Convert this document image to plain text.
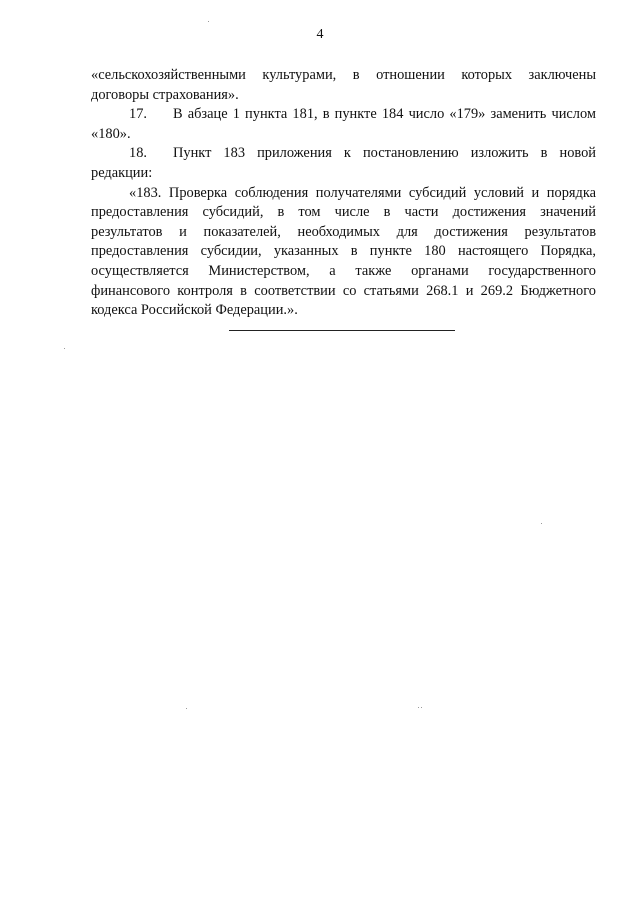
4
«сельскохозяйственными культурами, в отношении которых заключены
договоры страхования».
17. В абзаце 1 пункта 181, в пункте 184 число «179» заменить числом
«180».
18. Пункт 183 приложения к постановлению изложить в новой
редакции:
«183. Проверка соблюдения получателями субсидий условий и порядка
предоставления субсидий, в том числе в части достижения значений
результатов и показателей, необходимых для достижения результатов
предоставления субсидии, указанных в пункте 180 настоящего Порядка,
осуществляется Министерством, а также органами государственного
финансового контроля в соответствии со статьями 268.1 и 269.2 Бюджетного
кодекса Российской Федерации.».
